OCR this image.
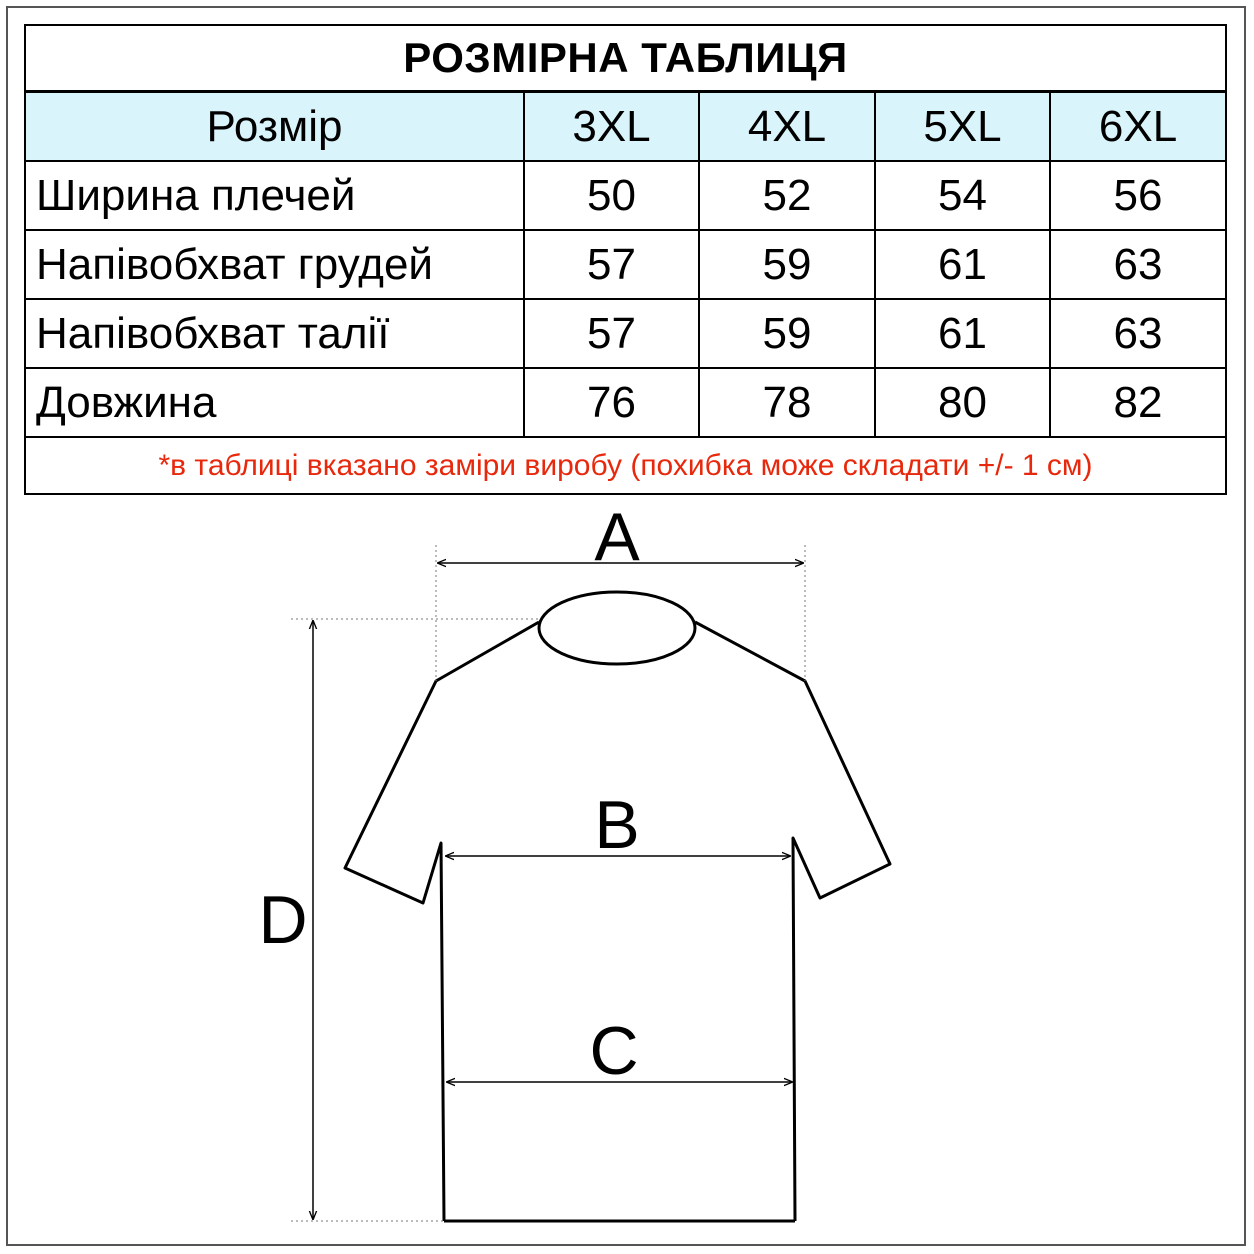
РОЗМІРНА ТАБЛИЦЯ				
Розмір	3XL	4XL	5XL	6XL
Ширина плечей	50	52	54	56
Напівобхват грудей	57	59	61	63
Напівобхват талії	57	59	61	63
Довжина	76	78	80	82
*в таблиці вказано заміри виробу (похибка може складати +/- 1 см)				
A
B
C
D
